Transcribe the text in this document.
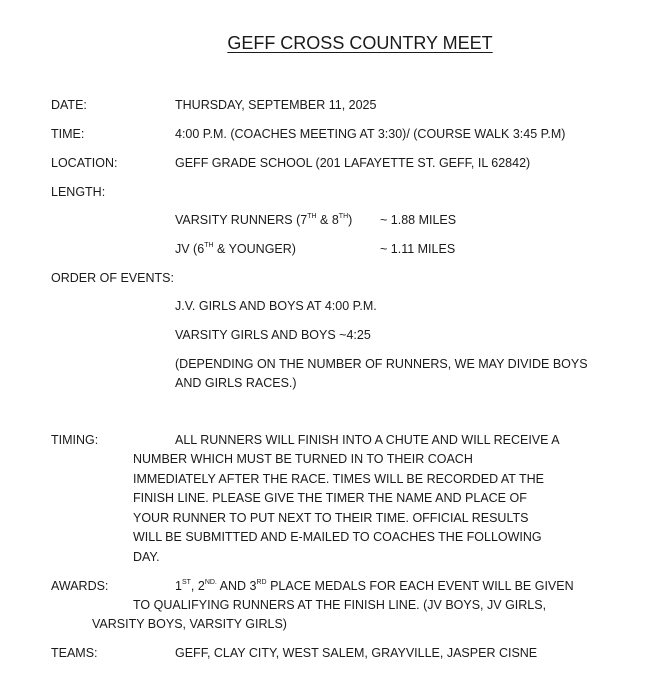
GEFF CROSS COUNTRY MEET
DATE:	THURSDAY, SEPTEMBER 11, 2025
TIME:	4:00 P.M. (COACHES MEETING AT 3:30)/ (COURSE WALK 3:45 P.M)
LOCATION:	GEFF GRADE SCHOOL (201 LAFAYETTE ST. GEFF, IL 62842)
LENGTH:
VARSITY RUNNERS (7TH & 8TH) ~ 1.88 MILES
JV (6TH & YOUNGER)	~ 1.11 MILES
ORDER OF EVENTS:
J.V. GIRLS AND BOYS AT 4:00 P.M.
VARSITY GIRLS AND BOYS ~4:25
(DEPENDING ON THE NUMBER OF RUNNERS, WE MAY DIVIDE BOYS
AND GIRLS RACES.)
TIMING:	ALL RUNNERS WILL FINISH INTO A CHUTE AND WILL RECEIVE A
NUMBER WHICH MUST BE TURNED IN TO THEIR COACH
IMMEDIATELY AFTER THE RACE. TIMES WILL BE RECORDED AT THE
FINISH LINE. PLEASE GIVE THE TIMER THE NAME AND PLACE OF
YOUR RUNNER TO PUT NEXT TO THEIR TIME. OFFICIAL RESULTS
WILL BE SUBMITTED AND E-MAILED TO COACHES THE FOLLOWING
DAY.
AWARDS:	1ST, $2^{ND.}$ AND 3RD PLACE MEDALS FOR EACH EVENT WILL BE GIVEN
TO QUALIFYING RUNNERS AT THE FINISH LINE. (JV BOYS, JV GIRLS,
VARSITY BOYS, VARSITY GIRLS)
TEAMS:	GEFF, CLAY CITY, WEST SALEM, GRAYVILLE, JASPER CISNE
